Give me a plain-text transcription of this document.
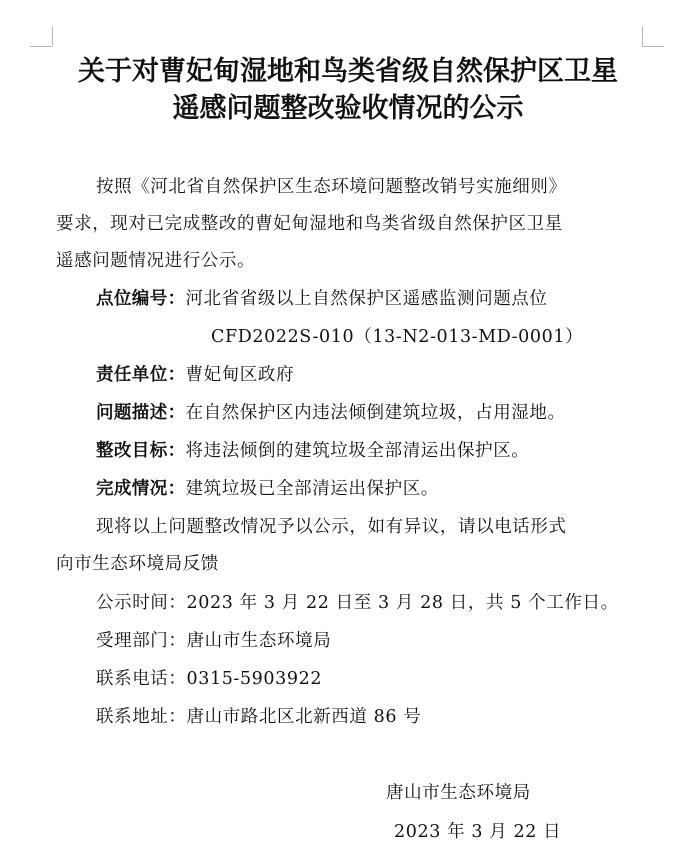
关于对曹妃甸湿地和鸟类省级自然保护区卫星
遥感问题整改验收情况的公示
按照《河北省自然保护区生态环境问题整改销号实施细则》
要求，现对已完成整改的曹妃甸湿地和鸟类省级自然保护区卫星
遥感问题情况进行公示。
点位编号：河北省省级以上自然保护区遥感监测问题点位
CFD2022S-010（13-N2-013-MD-0001）
责任单位：曹妃甸区政府
问题描述：在自然保护区内违法倾倒建筑垃圾，占用湿地。
整改目标：将违法倾倒的建筑垃圾全部清运出保护区。
完成情况：建筑垃圾已全部清运出保护区。
现将以上问题整改情况予以公示，如有异议，请以电话形式
向市生态环境局反馈
公示时间：2023 年 3 月 22 日至 3 月 28 日，共 5 个工作日。
受理部门：唐山市生态环境局
联系电话：0315-5903922
联系地址：唐山市路北区北新西道 86 号
唐山市生态环境局
2023 年 3 月 22 日
